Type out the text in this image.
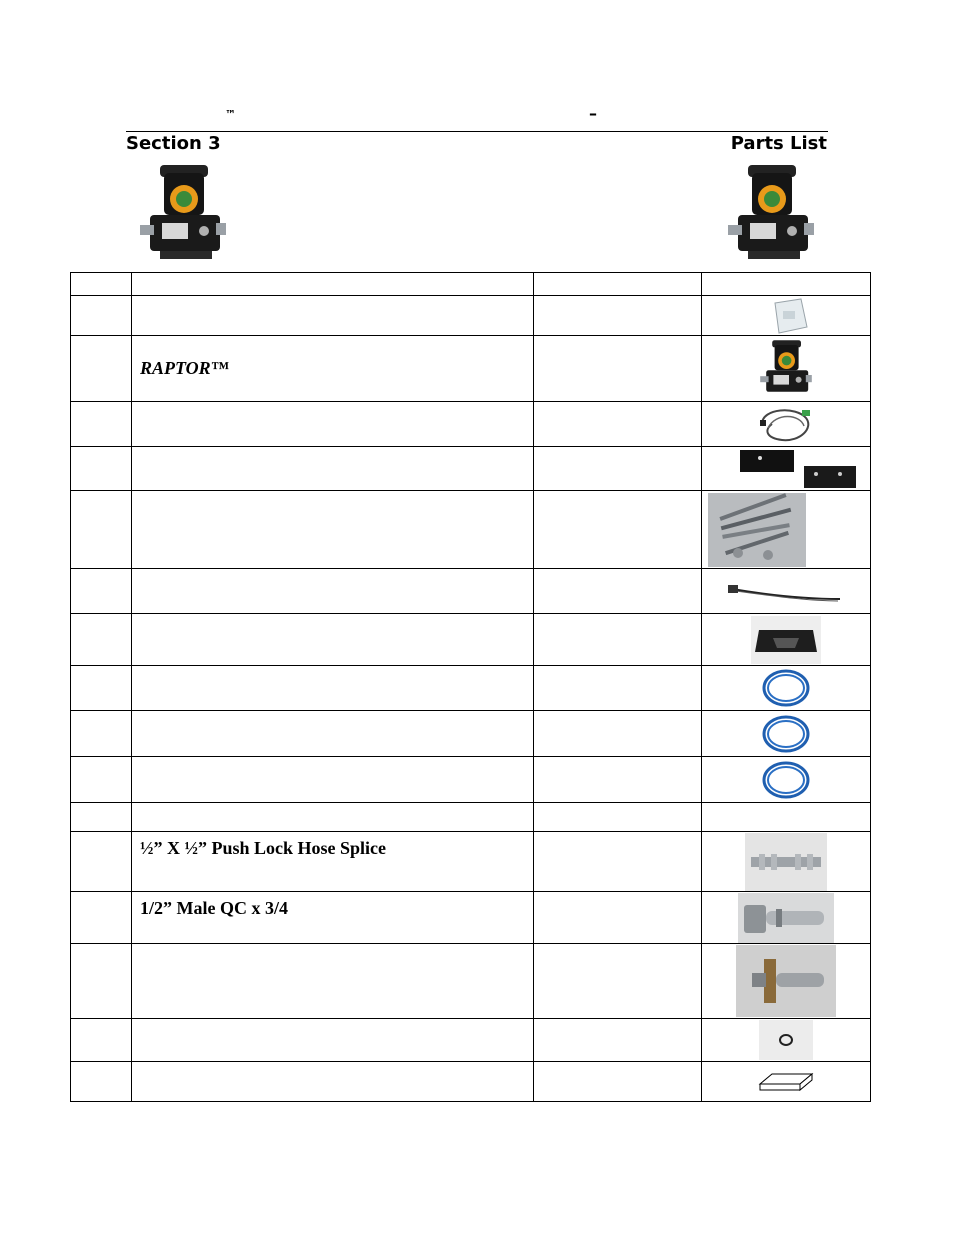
™	–
Section 3	Parts List

	RAPTOR™

	½” X ½” Push Lock Hose Splice

	1/2” Male QC x 3/4
